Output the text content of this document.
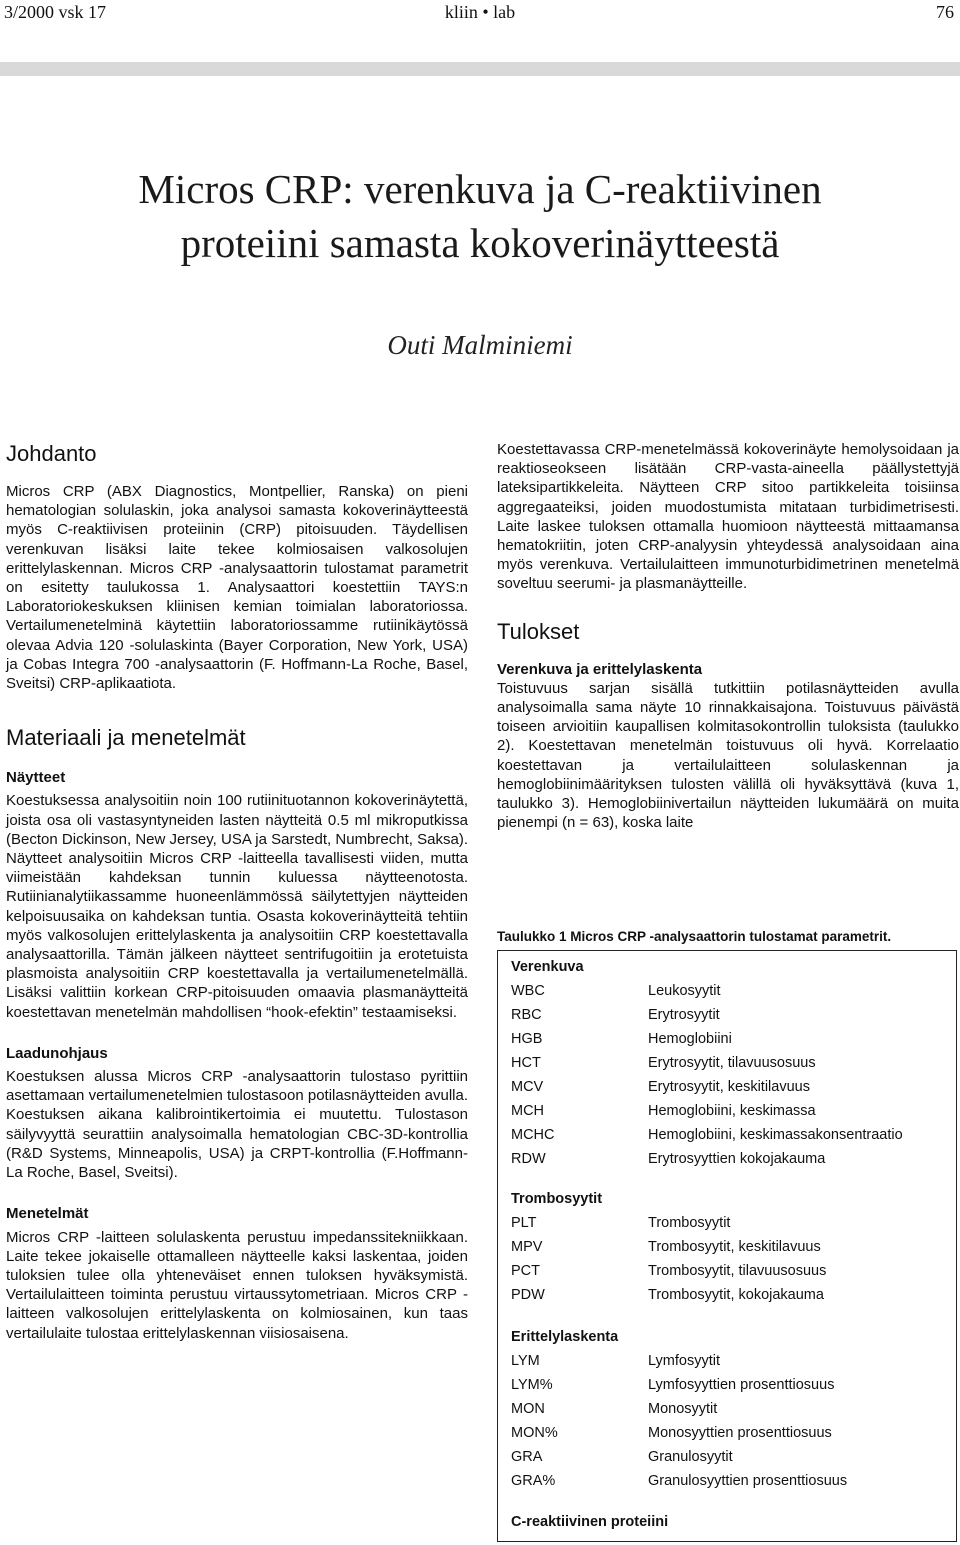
3/2000 vsk 17	kliin • lab	76
Micros CRP: verenkuva ja C-reaktiivinen
proteiini samasta kokoverinäytteestä
Outi Malminiemi
Johdanto

Micros CRP (ABX Diagnostics, Montpellier, Ranska) on pieni hematologian solulaskin, joka analysoi samasta kokoverinäytteestä myös C-reaktiivisen proteiinin (CRP) pitoisuuden. Täydellisen verenkuvan lisäksi laite tekee kolmiosaisen valkosolujen erittelylaskennan. Micros CRP -analysaattorin tulostamat parametrit on esitetty taulukossa 1. Analysaattori koestettiin TAYS:n Laboratoriokeskuksen kliinisen kemian toimialan laboratoriossa. Vertailumenetelminä käytettiin laboratoriossamme rutiinikäytössä olevaa Advia 120 -solulaskinta (Bayer Corporation, New York, USA) ja Cobas Integra 700 -analysaattorin (F. Hoffmann-La Roche, Basel, Sveitsi) CRP-aplikaatiota.

Materiaali ja menetelmät
Näytteet

Koestuksessa analysoitiin noin 100 rutiinituotannon kokoverinäytettä, joista osa oli vastasyntyneiden lasten näytteitä 0.5 ml mikroputkissa (Becton Dickinson, New Jersey, USA ja Sarstedt, Numbrecht, Saksa). Näytteet analysoitiin Micros CRP -laitteella tavallisesti viiden, mutta viimeistään kahdeksan tunnin kuluessa näytteenotosta. Rutiinianalytiikassamme huoneenlämmössä säilytettyjen näytteiden kelpoisuusaika on kahdeksan tuntia. Osasta kokoverinäytteitä tehtiin myös valkosolujen erittelylaskenta ja analysoitiin CRP koestettavalla analysaattorilla. Tämän jälkeen näytteet sentrifugoitiin ja erotetuista plasmoista analysoitiin CRP koestettavalla ja vertailumenetelmällä. Lisäksi valittiin korkean CRP-pitoisuuden omaavia plasmanäytteitä koestettavan menetelmän mahdollisen “hook-efektin” testaamiseksi.

Laadunohjaus

Koestuksen alussa Micros CRP -analysaattorin tulostaso pyrittiin asettamaan vertailumenetelmien tulostasoon potilasnäytteiden avulla. Koestuksen aikana kalibrointikertoimia ei muutettu. Tulostason säilyvyyttä seurattiin analysoimalla hematologian CBC-3D-kontrollia (R&D Systems, Minneapolis, USA) ja CRPT-kontrollia (F.Hoffmann-La Roche, Basel, Sveitsi).

Menetelmät

Micros CRP -laitteen solulaskenta perustuu impedanssitekniikkaan. Laite tekee jokaiselle ottamalleen näytteelle kaksi laskentaa, joiden tuloksien tulee olla yhteneväiset ennen tuloksen hyväksymistä. Vertailulaitteen toiminta perustuu virtaussytometriaan. Micros CRP -laitteen valkosolujen erittelylaskenta on kolmiosainen, kun taas vertailulaite tulostaa erittelylaskennan viisiosaisena.

Koestettavassa CRP-menetelmässä kokoverinäyte hemolysoidaan ja reaktioseokseen lisätään CRP-vasta-aineella päällystettyjä lateksipartikkeleita. Näytteen CRP sitoo partikkeleita toisiinsa aggregaateiksi, joiden muodostumista mitataan turbidimetrisesti. Laite laskee tuloksen ottamalla huomioon näytteestä mittaamansa hematokriitin, joten CRP-analyysin yhteydessä analysoidaan aina myös verenkuva. Vertailulaitteen immunoturbidimetrinen menetelmä soveltuu seerumi- ja plasmanäytteille.

Tulokset
Verenkuva ja erittelylaskenta

Toistuvuus sarjan sisällä tutkittiin potilasnäytteiden avulla analysoimalla sama näyte 10 rinnakkaisajona. Toistuvuus päivästä toiseen arvioitiin kaupallisen kolmitasokontrollin tuloksista (taulukko 2). Koestettavan menetelmän toistuvuus oli hyvä. Korrelaatio koestettavan ja vertailulaitteen solulaskennan ja hemoglobiinimäärityksen tulosten välillä oli hyväksyttävä (kuva 1, taulukko 3). Hemoglobiinivertailun näytteiden lukumäärä on muita pienempi (n = 63), koska laite

Taulukko 1 Micros CRP -analysaattorin tulostamat parametrit.
Verenkuva
WBC	Leukosyytit
RBC	Erytrosyytit
HGB	Hemoglobiini
HCT	Erytrosyytit, tilavuusosuus
MCV	Erytrosyytit, keskitilavuus
MCH	Hemoglobiini, keskimassa
MCHC	Hemoglobiini, keskimassakonsentraatio
RDW	Erytrosyyttien kokojakauma
Trombosyytit
PLT	Trombosyytit
MPV	Trombosyytit, keskitilavuus
PCT	Trombosyytit, tilavuusosuus
PDW	Trombosyytit, kokojakauma
Erittelylaskenta
LYM	Lymfosyytit
LYM%	Lymfosyyttien prosenttiosuus
MON	Monosyytit
MON%	Monosyyttien prosenttiosuus
GRA	Granulosyytit
GRA%	Granulosyyttien prosenttiosuus
C-reaktiivinen proteiini
